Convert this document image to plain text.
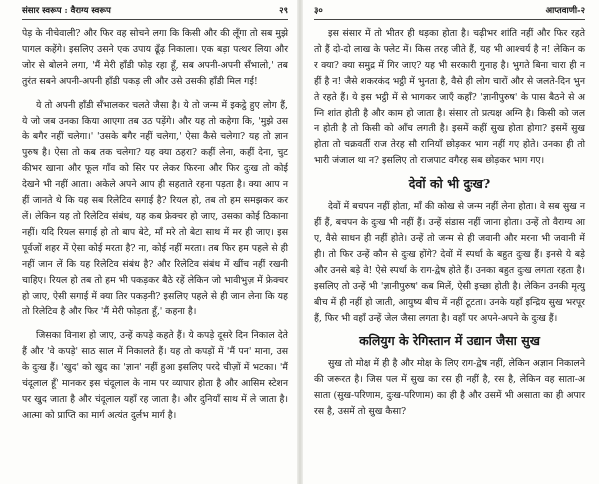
संसार स्वरूप : वैराग्य स्वरूप	२९

पेड़ के नीचेवाली? और फिर वह सोचने लगा कि किसी और की लूँगा तो सब मुझे पागल कहेंगे। इसलिए उसने एक उपाय ढूँढ़ निकाला। एक बड़ा पत्थर लिया और जोर से बोलने लगा, 'मैं मेरी हाँडी फोड़ रहा हूँ, सब अपनी-अपनी सँभालो,' तब तुरंत सबने अपनी-अपनी हाँडी पकड़ ली और उसे उसकी हाँडी मिल गई!

ये तो अपनी हाँडी सँभालकर चलते जैसा है। ये तो जन्म में इकट्ठे हुए लोग हैं, ये जो जब उनका किया आएगा तब उठ पड़ेंगे। और यह तो कहेगा कि, 'मुझे उसके बगैर नहीं चलेगा।' 'उसके बगैर नहीं चलेगा,' ऐसा कैसे चलेगा? यह तो ज्ञानपुरुष है। ऐसा तो कब तक चलेगा? यह क्या ठहरा? कहीं लेना, कहीं देना, चुटकीभर खाना और फूल गाँव को सिर पर लेकर फिरना और फिर दुःख तो कोई देखने भी नहीं आता। अकेले अपने आप ही सहताते रहना पड़ता है। क्या आप नहीं जानते थे कि यह सब रिलेटिव सगाई है? रियल हो, तब तो हम समझकर कर लें। लेकिन यह तो रिलेटिव संबंध, यह कब फ्रेक्चर हो जाए, उसका कोई ठिकाना नहीं। यदि रियल सगाई हो तो बाप बेटे, माँ मरे तो बेटा साथ में मर ही जाए। इस पूर्वजों शहर में ऐसा कोई मरता है? ना, कोई नहीं मरता। तब फिर हम पहले से ही नहीं जान लें कि यह रिलेटिव संबंध है? और रिलेटिव संबंध में खींच नहीं रखनी चाहिए। रियल हो तब तो हम भी पकड़कर बैठे रहें लेकिन जो भावीभुज़ में फ्रेक्चर हो जाए, ऐसी सगाई में क्या तिर पकड़नी? इसलिए पहले से ही जान लेना कि यह तो रिलेटिव है और फिर 'मैं मेरी फोड़ता हूँ,' कहना है।

जिसका विनाश हो जाए, उन्हें कपड़े कहते हैं। ये कपड़े दूसरे दिन निकाल देते हैं और 'वे कपड़े' साठ साल में निकालते हैं। यह तो कपड़ों में 'मैं पन' माना, उसके दुःख हैं। 'खुद' को खुद का 'ज्ञान' नहीं हुआ इसलिए परदे चीज़ों में भटका। 'मैं चंदूलाल हूँ' मानकर इस चंदूलाल के नाम पर व्यापार होता है और आसिम स्टेशन पर खुद जाता है और चंदूलाल यहाँ रह जाता है। और दुनियाँ साथ में ले जाता है। आत्मा को प्राप्ति का मार्ग अत्यंत दुर्लभ मार्ग है।

३०	आप्तवाणी-२

इस संसार में तो भीतर ही धड़का होता है। चढ़ीभर शांति नहीं और फिर रहते तो हैं दो-दो लाख के फ्लेट में। किस तरह जीते हैं, यह भी आश्चर्य है न! लेकिन कर क्या? क्या समुद्र में गिर जाए? यह भी सरकारी गुनाह है। भुगते बिना चारा ही नहीं है न! जैसे शकरकंद भट्ठी में भुनता है, वैसे ही लोग चारों और से जलते-दिन भुनते रहते हैं। ये इस भट्ठी में से भागकर जाएँ कहाँ? 'ज्ञानीपुरुष' के पास बैठने से अग्नि शांत होती है और काम हो जाता है। संसार तो प्रत्यक्ष अग्नि है। किसी को जलन होती है तो किसी को आँच लगती है। इसमें कहीं सुख होता होगा? इसमें सुख होता तो चक्रवर्ती राज तेरह सौ रानियाँ छोड़कर भाग नहीं गए होते। उनका ही तो भारी जंजाल था न? इसलिए तो राजपाट वगैरह सब छोड़कर भाग गए।

देवों को भी दुःख?

देवों में बचपन नहीं होता, माँ की कोख से जन्म नहीं लेना होता। वे सब सुख नहीं हैं, बचपन के दुःख भी नहीं हैं। उन्हें संडास नहीं जाना होता। उन्हें तो वैराग्य आए, वैसे साधन ही नहीं होते। उन्हें तो जन्म से ही जवानी और मरना भी जवानी में ही। तो फिर उन्हें कौन से दुःख होंगे? देवों में स्पर्धा के बहुत दुःख हैं। इनसे ये बड़े और उनसे बड़े वे! ऐसे स्पर्धा के राग-द्वेष होते हैं। उनका बहुत दुःख लगता रहता है। इसलिए तो उन्हें भी 'ज्ञानीपुरुष' कब मिलें, ऐसी इच्छा होती है। लेकिन उनकी मृत्यु बीच में ही नहीं हो जाती, आयुष्य बीच में नहीं टूटता। उनके यहाँ इन्द्रिय सुख भरपूर हैं, फिर भी वहाँ उन्हें जेल जैसा लगता है। वहाँ पर अपने-अपने के दुःख हैं।

कलियुग के रेगिस्तान में उद्यान जैसा सुख

सुख तो मोक्ष में ही है और मोक्ष के लिए राग-द्वेष नहीं, लेकिन अज्ञान निकालने की जरूरत है। जिस पल में सुख का रस ही नहीं है, रस है, लेकिन वह साता-असाता (सुख-परिणाम, दुःख-परिणाम) का ही है और उसमें भी असाता का ही अपार रस है, उसमें तो सुख कैसा?
